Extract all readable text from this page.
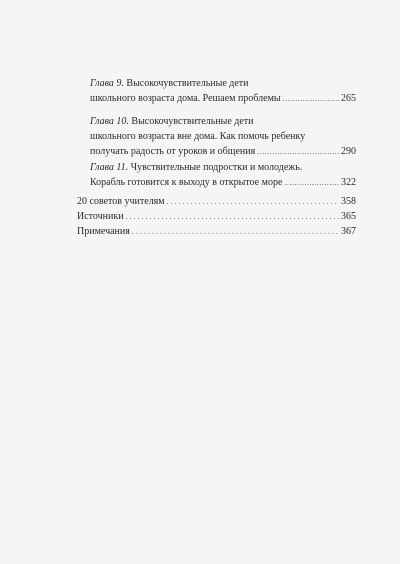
Глава 9. Высокочувствительные дети
школьного возраста дома. Решаем проблемы .....	265
Глава 10. Высокочувствительные дети
школьного возраста вне дома. Как помочь ребенку
получать радость от уроков и общения .....	290
Глава 11. Чувствительные подростки и молодежь.
Корабль готовится к выходу в открытое море .....	322
20 советов учителям .....	358
Источники .....	365
Примечания .....	367
